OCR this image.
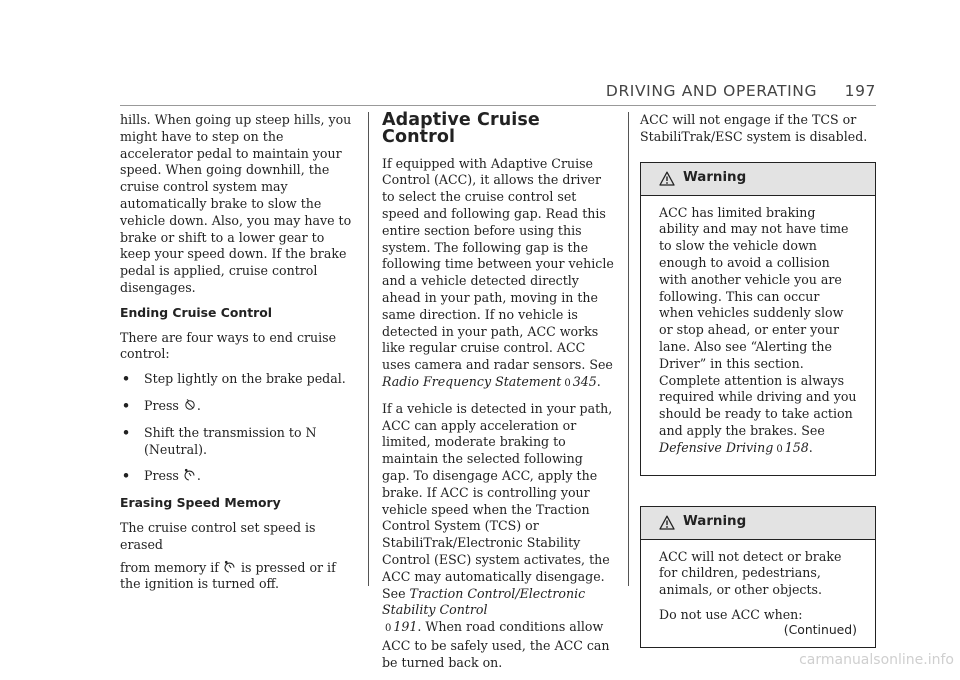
DRIVING AND OPERATING 197

hills. When going up steep hills, you might have to step on the accelerator pedal to maintain your speed. When going downhill, the cruise control system may automatically brake to slow the vehicle down. Also, you may have to brake or shift to a lower gear to keep your speed down. If the brake pedal is applied, cruise control disengages.

Ending Cruise Control

There are four ways to end cruise control:

• Step lightly on the brake pedal.
• Press .
• Shift the transmission to N (Neutral).
• Press .
Erasing Speed Memory

The cruise control set speed is erased

from memory if  is pressed or if the ignition is turned off.

Adaptive Cruise Control

If equipped with Adaptive Cruise Control (ACC), it allows the driver to select the cruise control set speed and following gap. Read this entire section before using this system. The following gap is the following time between your vehicle and a vehicle detected directly ahead in your path, moving in the same direction. If no vehicle is detected in your path, ACC works like regular cruise control. ACC uses camera and radar sensors. See Radio Frequency Statement 0 345.

If a vehicle is detected in your path, ACC can apply acceleration or limited, moderate braking to maintain the selected following gap. To disengage ACC, apply the brake. If ACC is controlling your vehicle speed when the Traction Control System (TCS) or StabiliTrak/Electronic Stability Control (ESC) system activates, the ACC may automatically disengage. See Traction Control/Electronic Stability Control
0 191. When road conditions allow ACC to be safely used, the ACC can be turned back on.

ACC will not engage if the TCS or StabiliTrak/ESC system is disabled.

Warning

ACC has limited braking ability and may not have time to slow the vehicle down enough to avoid a collision with another vehicle you are following. This can occur when vehicles suddenly slow or stop ahead, or enter your lane. Also see “Alerting the Driver” in this section. Complete attention is always required while driving and you should be ready to take action and apply the brakes. See Defensive Driving 0 158.

Warning

ACC will not detect or brake for children, pedestrians, animals, or other objects.

Do not use ACC when:

(Continued)
carmanualsonline.info
